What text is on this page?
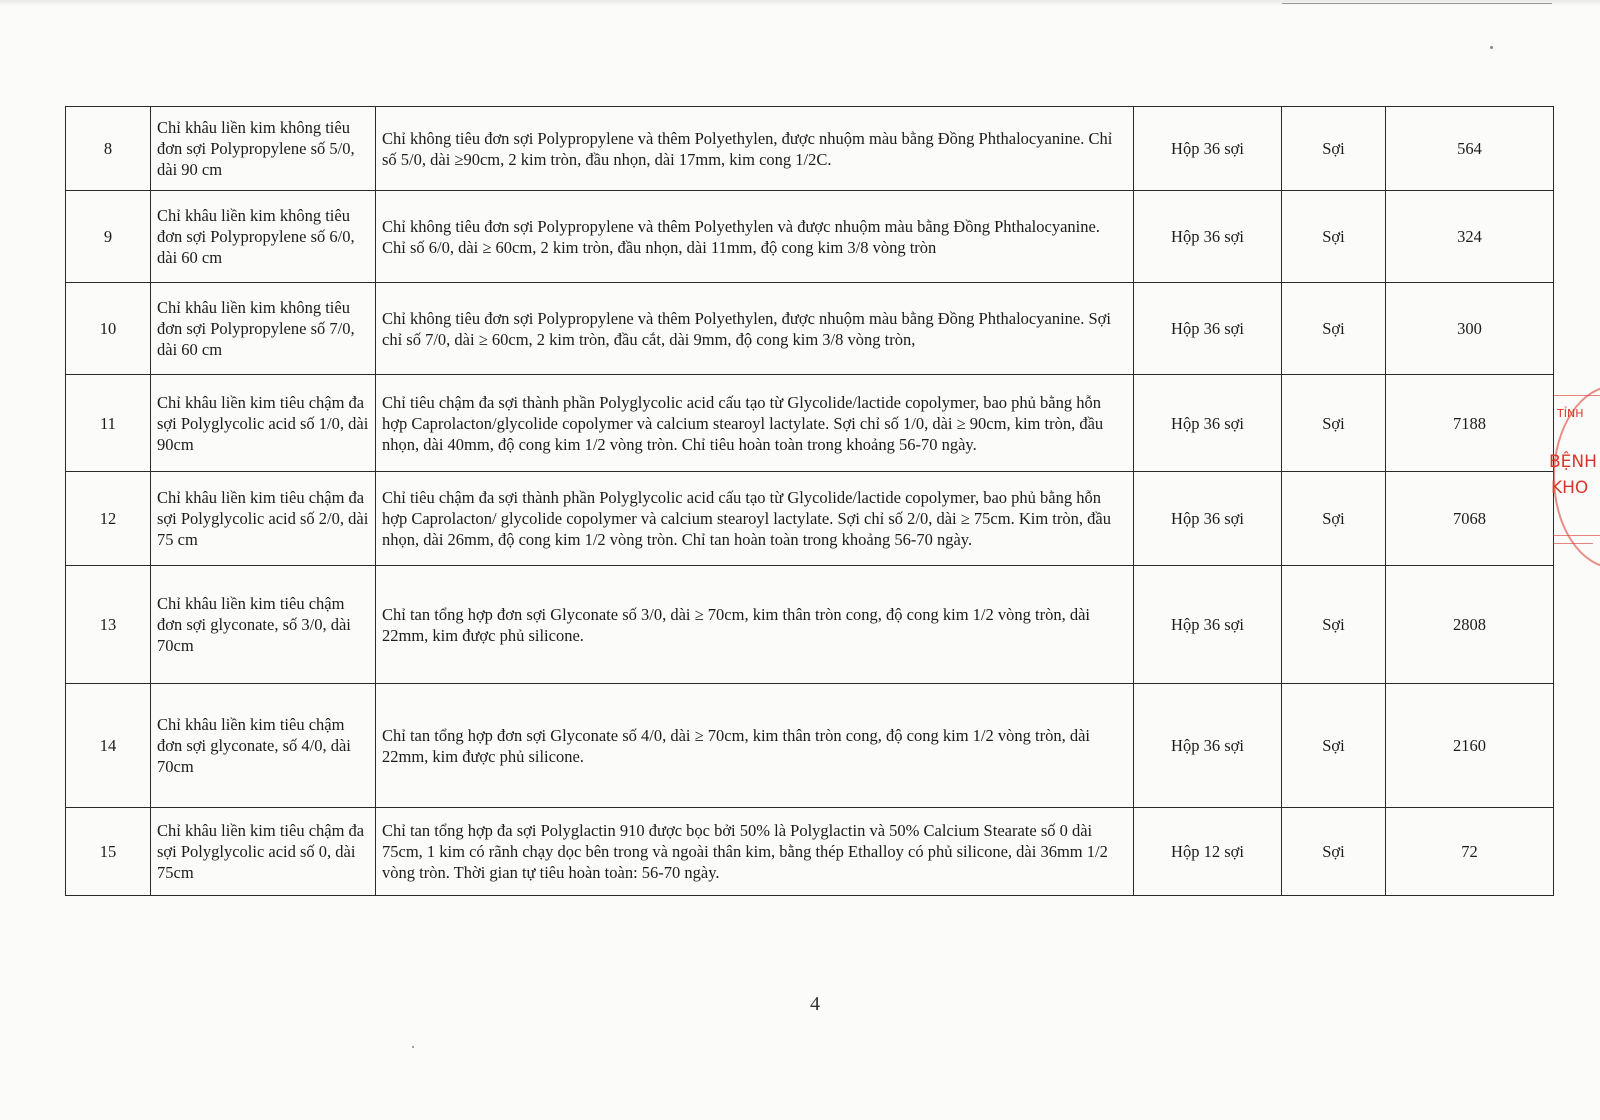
8	Chỉ khâu liền kim không tiêu đơn sợi Polypropylene số 5/0, dài 90 cm	Chỉ không tiêu đơn sợi Polypropylene và thêm Polyethylen, được nhuộm màu bằng Đồng Phthalocyanine. Chỉ số 5/0, dài ≥90cm, 2 kim tròn, đầu nhọn, dài 17mm, kim cong 1/2C.	Hộp 36 sợi	Sợi	564
9	Chỉ khâu liền kim không tiêu đơn sợi Polypropylene số 6/0, dài 60 cm	Chỉ không tiêu đơn sợi Polypropylene và thêm Polyethylen và được nhuộm màu bằng Đồng Phthalocyanine. Chỉ số 6/0, dài ≥ 60cm, 2 kim tròn, đầu nhọn, dài 11mm, độ cong kim 3/8 vòng tròn	Hộp 36 sợi	Sợi	324
10	Chỉ khâu liền kim không tiêu đơn sợi Polypropylene số 7/0, dài 60 cm	Chỉ không tiêu đơn sợi Polypropylene và thêm Polyethylen, được nhuộm màu bằng Đồng Phthalocyanine. Sợi chỉ số 7/0, dài ≥ 60cm, 2 kim tròn, đầu cắt, dài 9mm, độ cong kim 3/8 vòng tròn,	Hộp 36 sợi	Sợi	300
11	Chỉ khâu liền kim tiêu chậm đa sợi Polyglycolic acid số 1/0, dài 90cm	Chỉ tiêu chậm đa sợi thành phần Polyglycolic acid cấu tạo từ Glycolide/lactide copolymer, bao phủ bằng hỗn hợp Caprolacton/glycolide copolymer và calcium stearoyl lactylate. Sợi chỉ số 1/0, dài ≥ 90cm, kim tròn, đầu nhọn, dài 40mm, độ cong kim 1/2 vòng tròn. Chỉ tiêu hoàn toàn trong khoảng 56-70 ngày.	Hộp 36 sợi	Sợi	7188
12	Chỉ khâu liền kim tiêu chậm đa sợi Polyglycolic acid số 2/0, dài 75 cm	Chỉ tiêu chậm đa sợi thành phần Polyglycolic acid cấu tạo từ Glycolide/lactide copolymer, bao phủ bằng hỗn hợp Caprolacton/ glycolide copolymer và calcium stearoyl lactylate. Sợi chỉ số 2/0, dài ≥ 75cm. Kim tròn, đầu nhọn, dài 26mm, độ cong kim 1/2 vòng tròn. Chỉ tan hoàn toàn trong khoảng 56-70 ngày.	Hộp 36 sợi	Sợi	7068
13	Chỉ khâu liền kim tiêu chậm đơn sợi glyconate, số 3/0, dài 70cm	Chỉ tan tổng hợp đơn sợi Glyconate số 3/0, dài ≥ 70cm, kim thân tròn cong, độ cong kim 1/2 vòng tròn, dài 22mm, kim được phủ silicone.	Hộp 36 sợi	Sợi	2808
14	Chỉ khâu liền kim tiêu chậm đơn sợi glyconate, số 4/0, dài 70cm	Chỉ tan tổng hợp đơn sợi Glyconate số 4/0, dài ≥ 70cm, kim thân tròn cong, độ cong kim 1/2 vòng tròn, dài 22mm, kim được phủ silicone.	Hộp 36 sợi	Sợi	2160
15	Chỉ khâu liền kim tiêu chậm đa sợi Polyglycolic acid số 0, dài 75cm	Chỉ tan tổng hợp đa sợi Polyglactin 910 được bọc bởi 50% là Polyglactin và 50% Calcium Stearate số 0 dài 75cm, 1 kim có rãnh chạy dọc bên trong và ngoài thân kim, bằng thép Ethalloy có phủ silicone, dài 36mm 1/2 vòng tròn. Thời gian tự tiêu hoàn toàn: 56-70 ngày.	Hộp 12 sợi	Sợi	72
4
TỈNH
BỆNH
KHO
